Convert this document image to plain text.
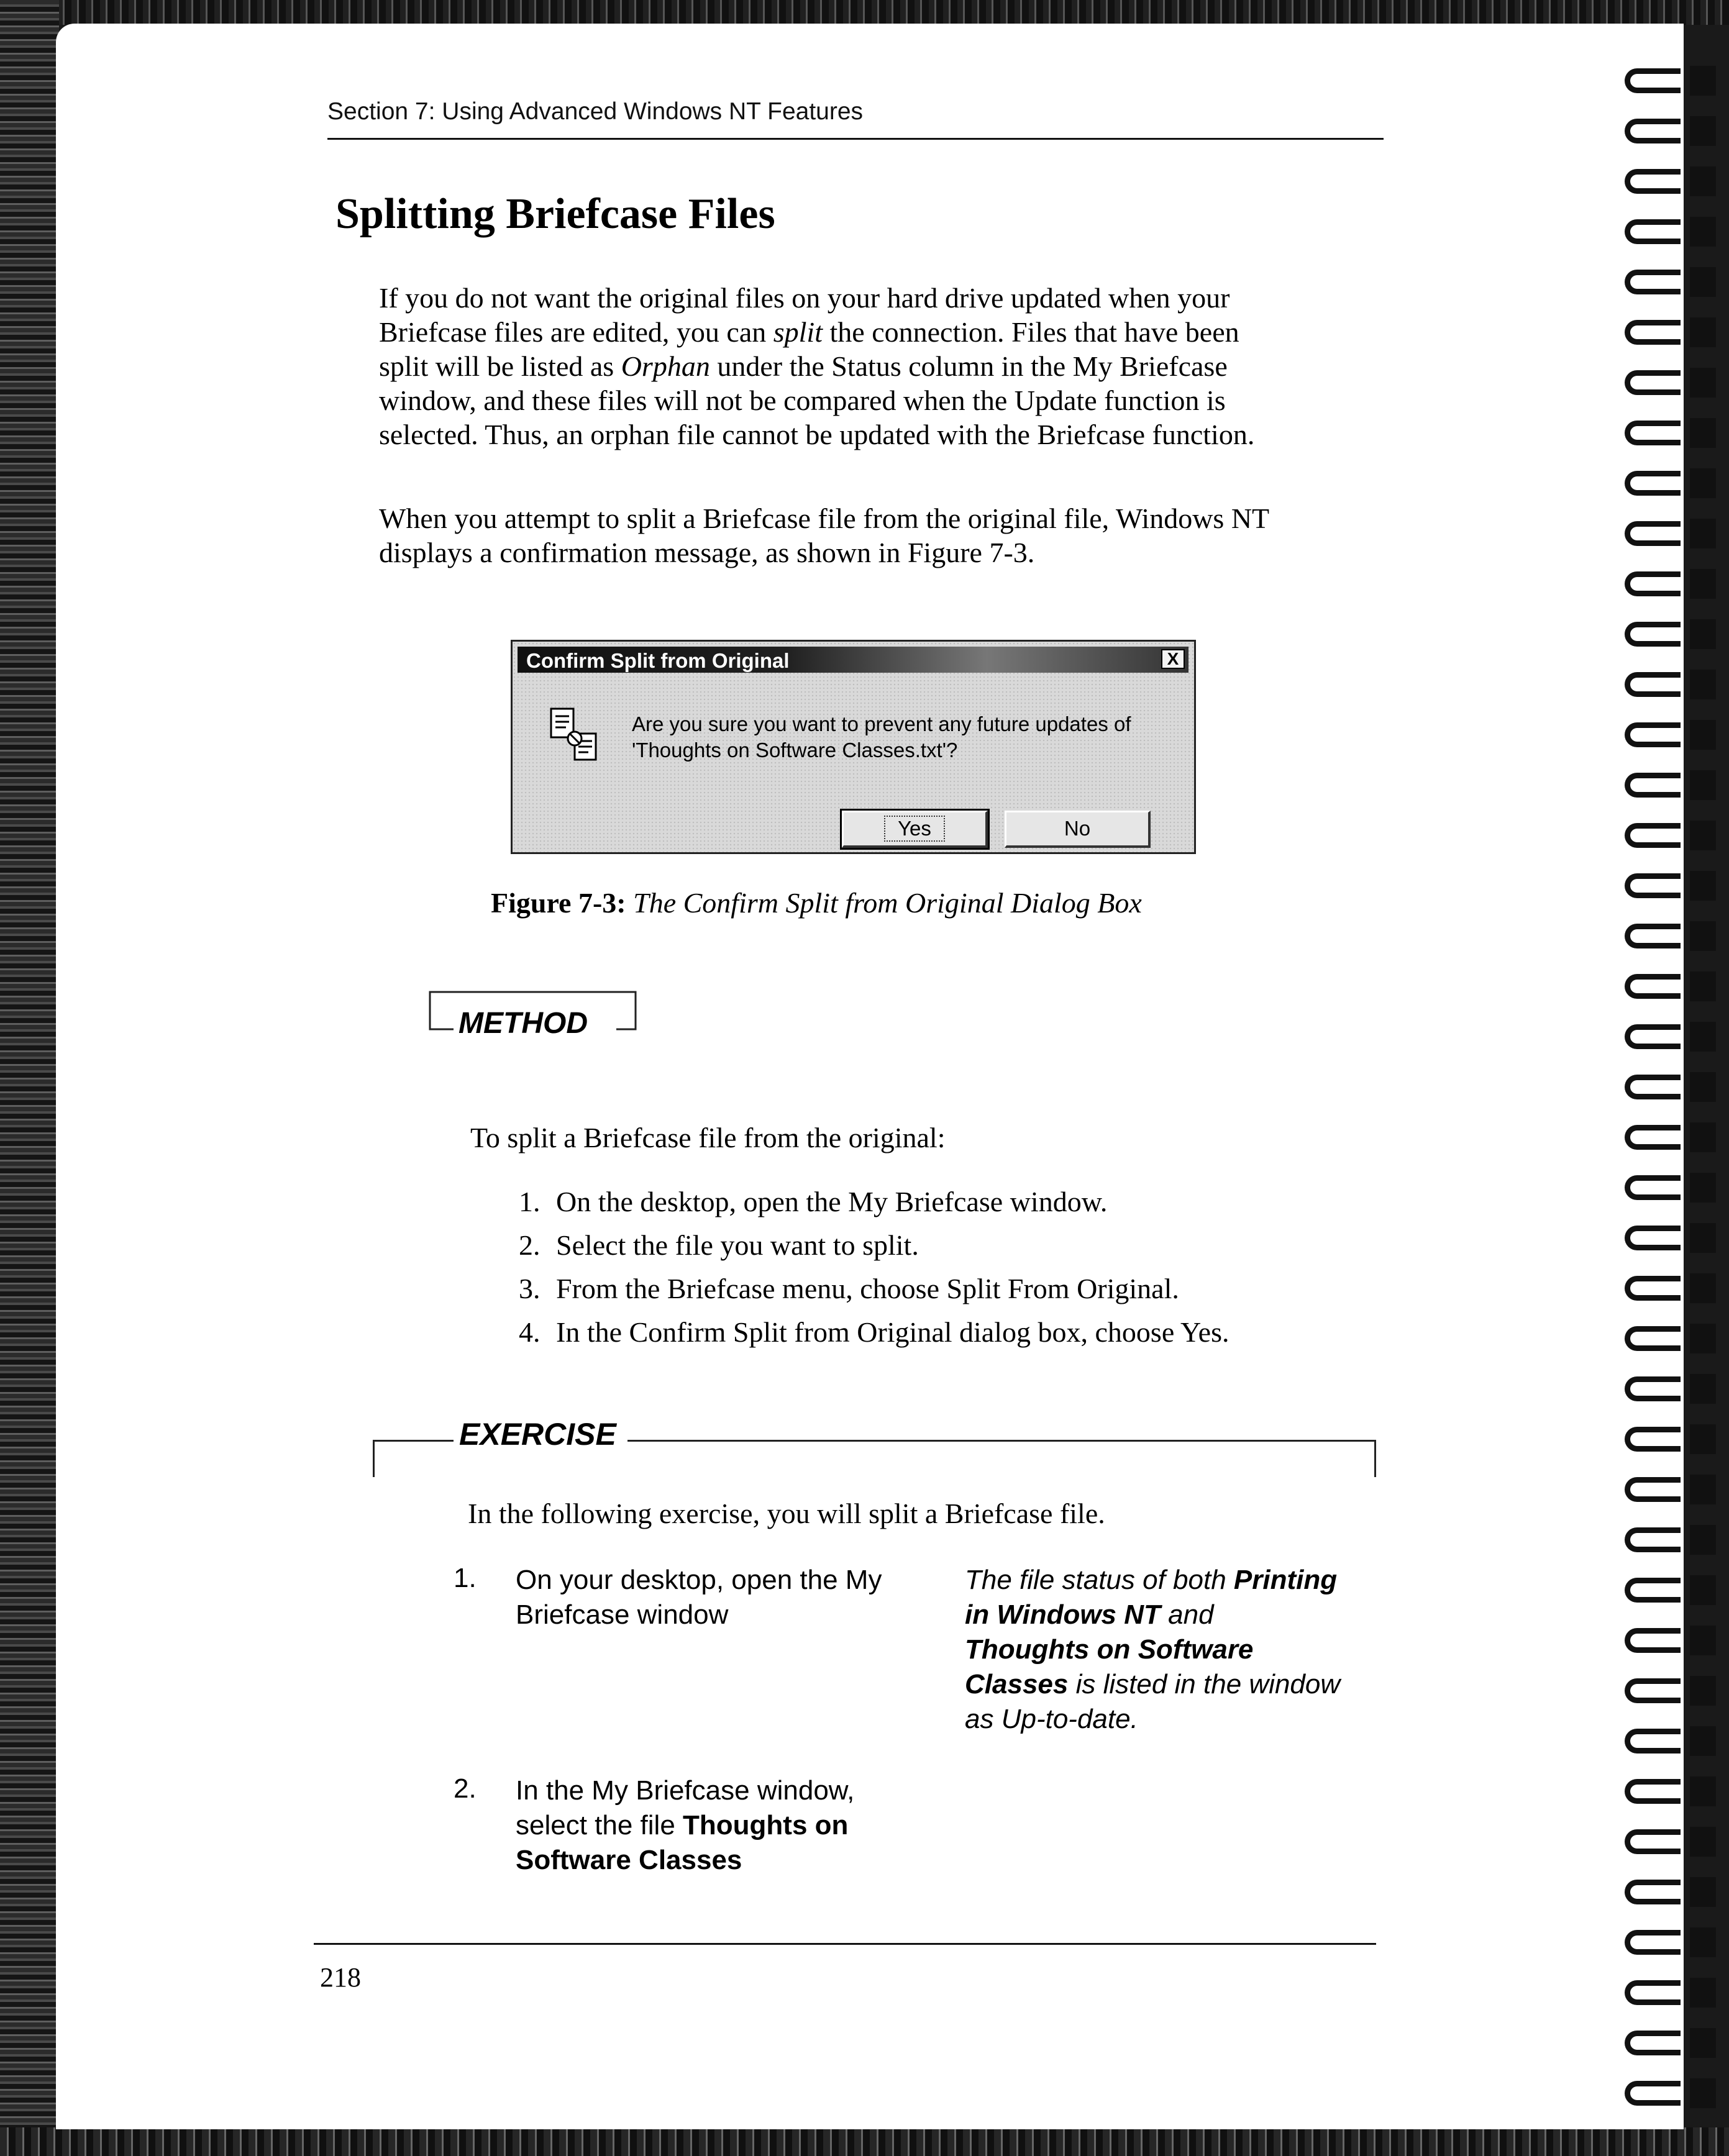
Section 7: Using Advanced Windows NT Features
Splitting Briefcase Files

If you do not want the original files on your hard drive updated when your

Briefcase files are edited, you can split the connection. Files that have been

split will be listed as Orphan under the Status column in the My Briefcase

window, and these files will not be compared when the Update function is

selected. Thus, an orphan file cannot be updated with the Briefcase function.

When you attempt to split a Briefcase file from the original file, Windows NT

displays a confirmation message, as shown in Figure 7-3.

Confirm Split from Original	X
Are you sure you want to prevent any future updates of
'Thoughts on Software Classes.txt'?
Yes	No
Figure 7-3: The Confirm Split from Original Dialog Box
METHOD
To split a Briefcase file from the original:
1. On the desktop, open the My Briefcase window.
2. Select the file you want to split.
3. From the Briefcase menu, choose Split From Original.
4. In the Confirm Split from Original dialog box, choose Yes.
EXERCISE
In the following exercise, you will split a Briefcase file.
1. On your desktop, open the My
Briefcase window
The file status of both Printing
in Windows NT and
Thoughts on Software
Classes is listed in the window
as Up-to-date.
2. In the My Briefcase window,
select the file Thoughts on
Software Classes
218
